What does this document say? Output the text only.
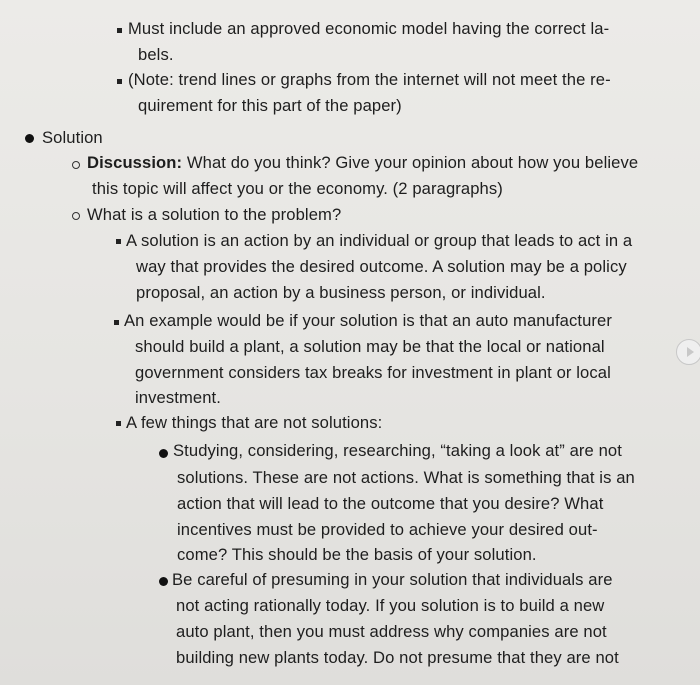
Must include an approved economic model having the correct la-
bels.
(Note: trend lines or graphs from the internet will not meet the re-
quirement for this part of the paper)
Solution
Discussion: What do you think? Give your opinion about how you believe
this topic will affect you or the economy. (2 paragraphs)
What is a solution to the problem?
A solution is an action by an individual or group that leads to act in a
way that provides the desired outcome. A solution may be a policy
proposal, an action by a business person, or individual.
An example would be if your solution is that an auto manufacturer
should build a plant, a solution may be that the local or national
government considers tax breaks for investment in plant or local
investment.
A few things that are not solutions:
Studying, considering, researching, “taking a look at” are not
solutions. These are not actions. What is something that is an
action that will lead to the outcome that you desire? What
incentives must be provided to achieve your desired out-
come? This should be the basis of your solution.
Be careful of presuming in your solution that individuals are
not acting rationally today. If you solution is to build a new
auto plant, then you must address why companies are not
building new plants today. Do not presume that they are not
